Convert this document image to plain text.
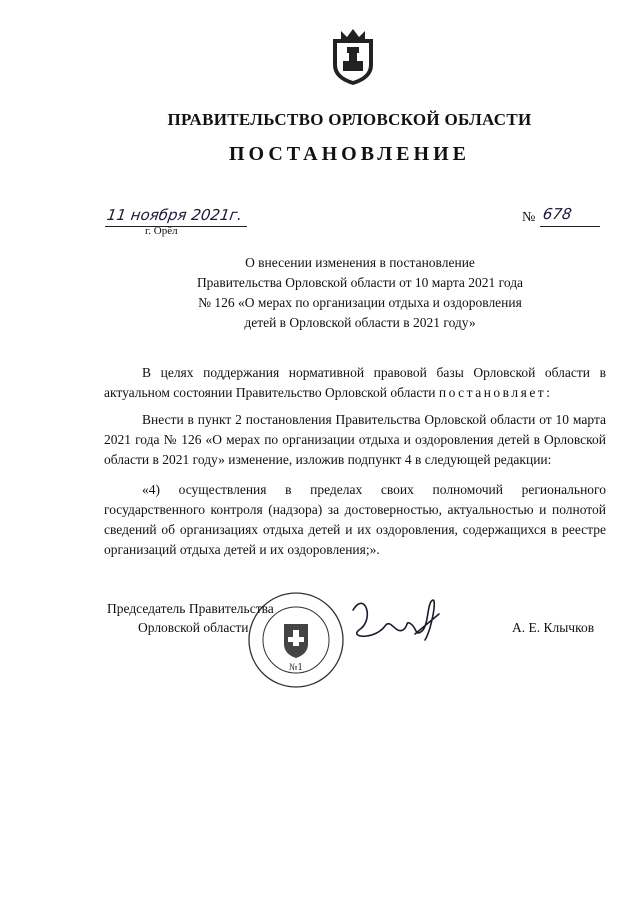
ПРАВИТЕЛЬСТВО ОРЛОВСКОЙ ОБЛАСТИ
ПОСТАНОВЛЕНИЕ
11 ноября 2021г.
г. Орёл
№ 678
О внесении изменения в постановление
Правительства Орловской области от 10 марта 2021 года
№ 126 «О мерах по организации отдыха и оздоровления
детей в Орловской области в 2021 году»
В целях поддержания нормативной правовой базы Орловской области в актуальном состоянии Правительство Орловской области постановляет:
Внести в пункт 2 постановления Правительства Орловской области от 10 марта 2021 года № 126 «О мерах по организации отдыха и оздоровления детей в Орловской области в 2021 году» изменение, изложив подпункт 4 в следующей редакции:
«4) осуществления в пределах своих полномочий регионального государственного контроля (надзора) за достоверностью, актуальностью и полнотой сведений об организациях отдыха детей и их оздоровления, содержащихся в реестре организаций отдыха детей и их оздоровления;».
№1
Председатель Правительства
Орловской области	А. Е. Клычков
